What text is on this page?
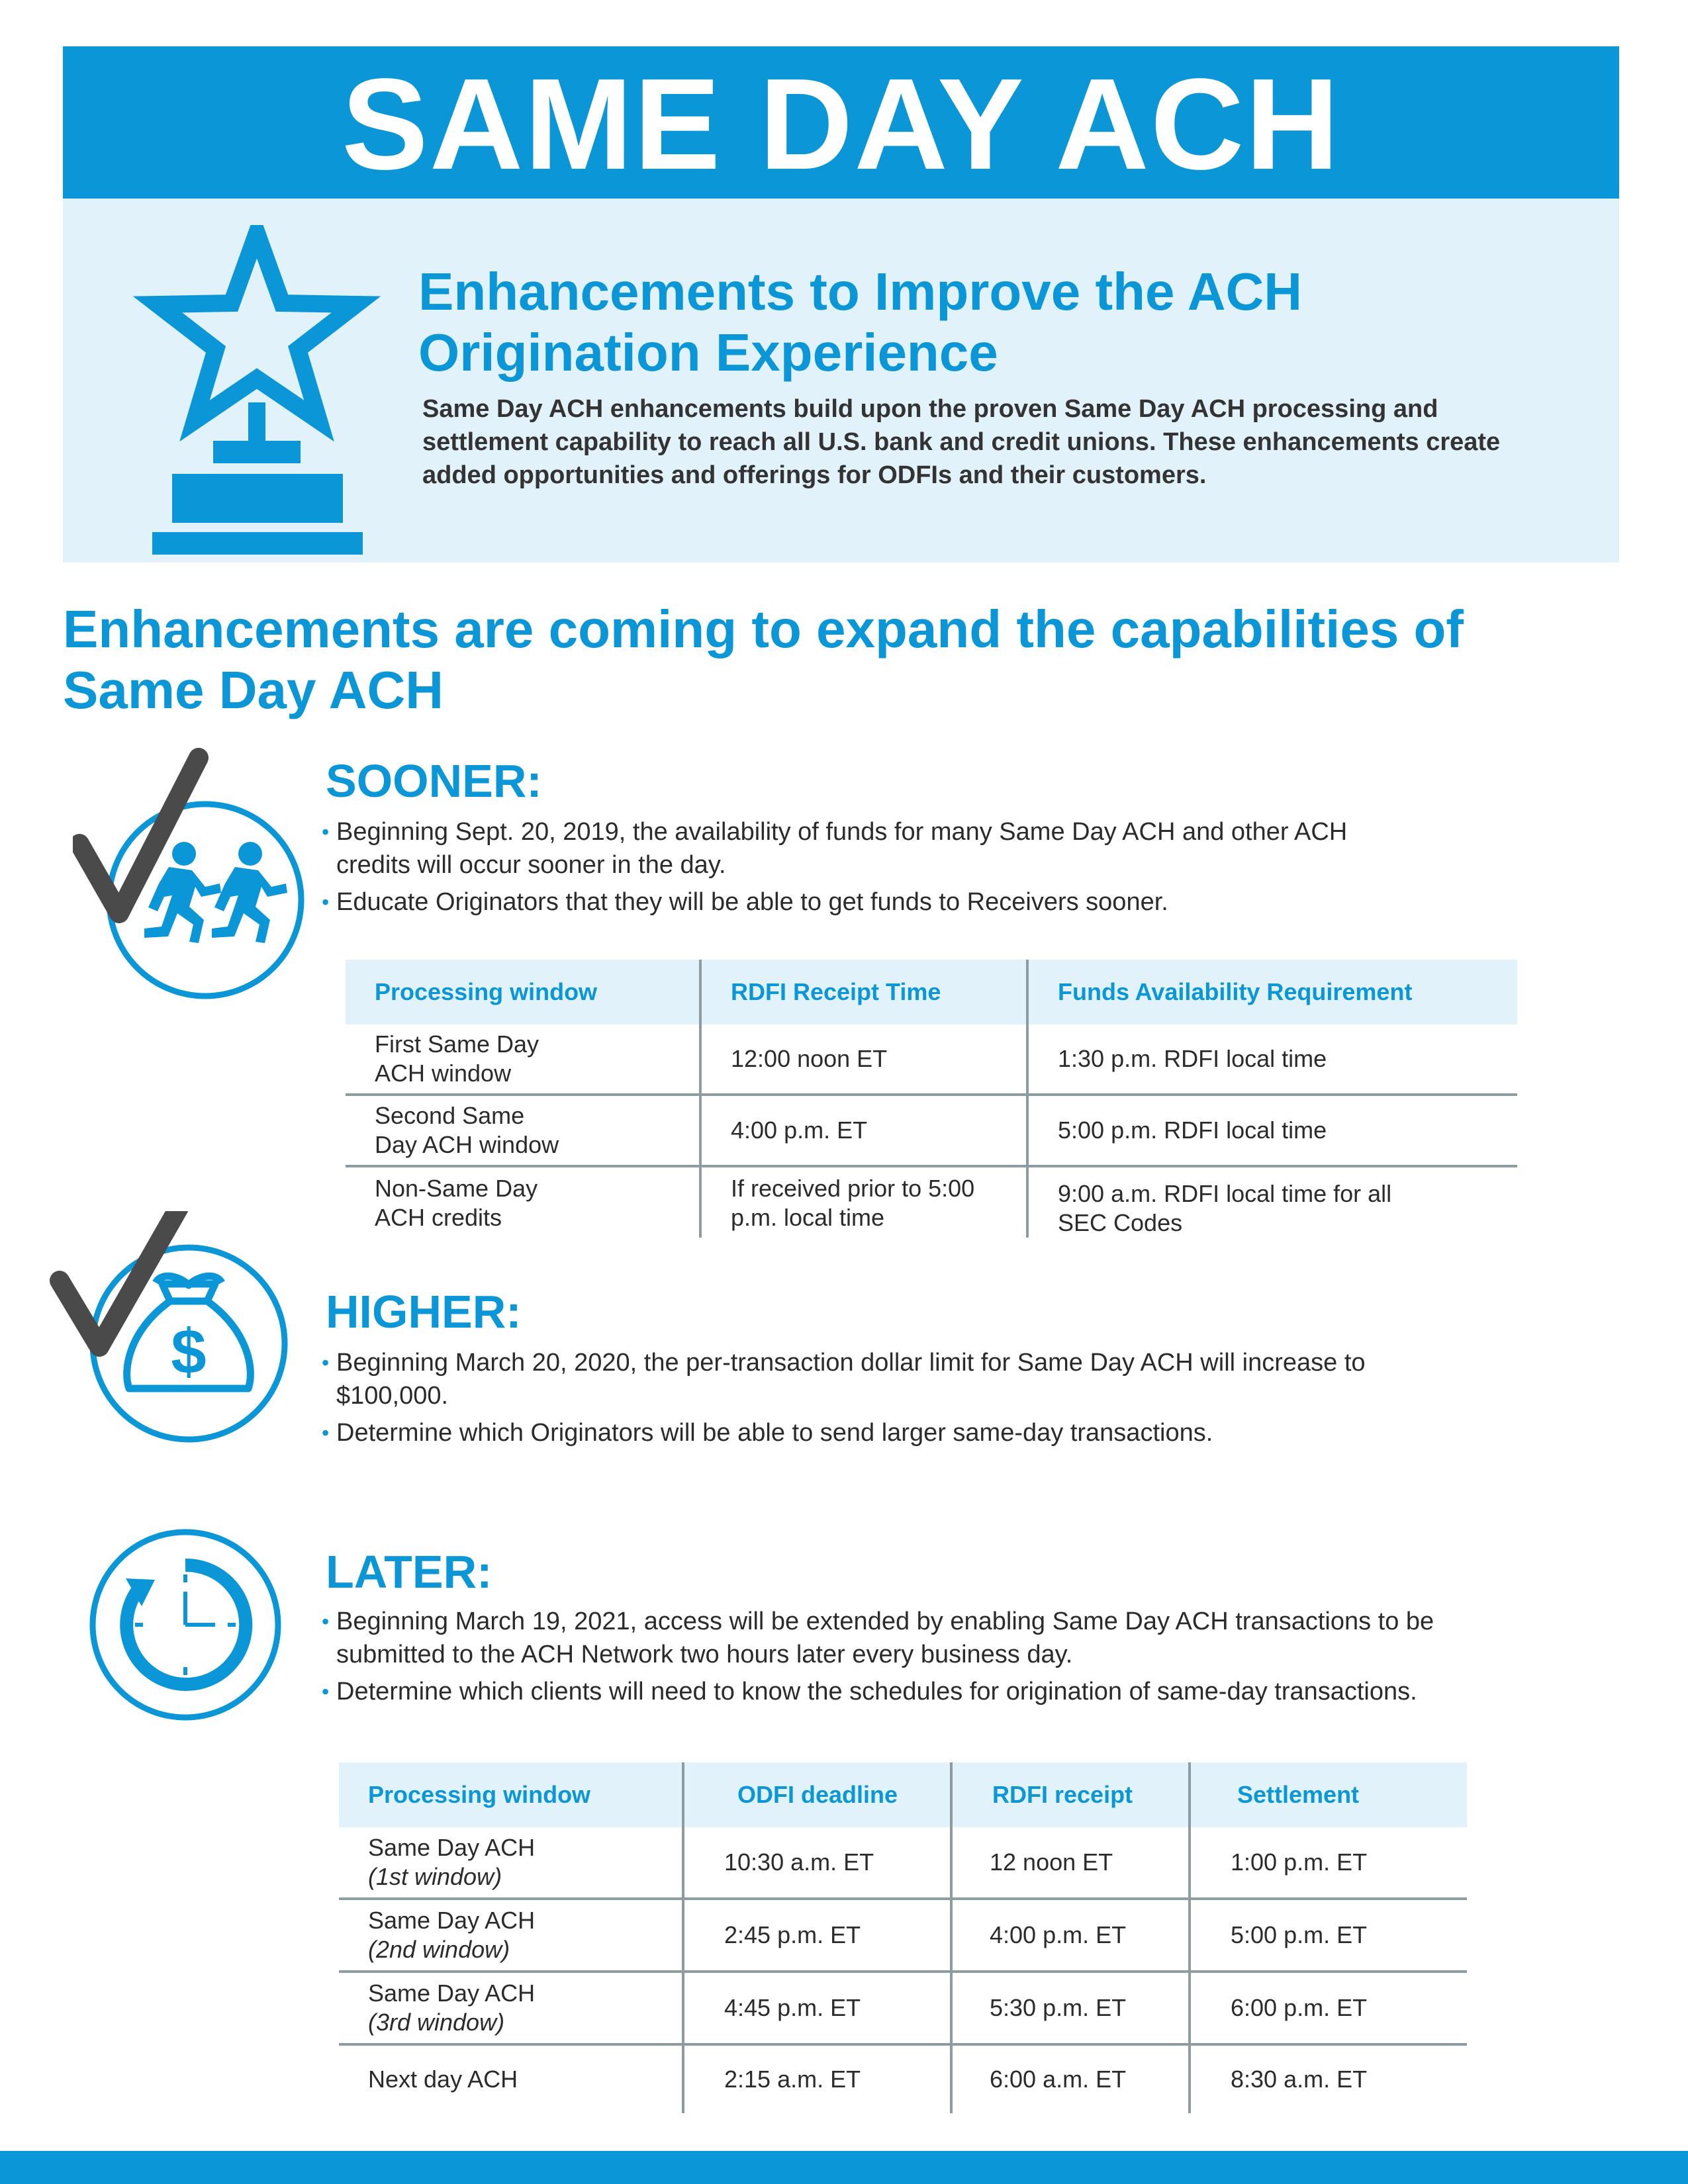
SAME DAY ACH
Enhancements to Improve the ACH Origination Experience

Same Day ACH enhancements build upon the proven Same Day ACH processing and settlement capability to reach all U.S. bank and credit unions. These enhancements create added opportunities and offerings for ODFIs and their customers.

Enhancements are coming to expand the capabilities of Same Day ACH
SOONER:
• Beginning Sept. 20, 2019, the availability of funds for many Same Day ACH and other ACH credits will occur sooner in the day.
• Educate Originators that they will be able to get funds to Receivers sooner.
Processing window	RDFI Receipt Time	Funds Availability Requirement
First Same Day ACH window	12:00 noon ET	1:30 p.m. RDFI local time
Second Same Day ACH window	4:00 p.m. ET	5:00 p.m. RDFI local time
Non-Same Day ACH credits	If received prior to 5:00 p.m. local time	9:00 a.m. RDFI local time for all SEC Codes
$
HIGHER:
• Beginning March 20, 2020, the per-transaction dollar limit for Same Day ACH will increase to $100,000.
• Determine which Originators will be able to send larger same-day transactions.
LATER:
• Beginning March 19, 2021, access will be extended by enabling Same Day ACH transactions to be submitted to the ACH Network two hours later every business day.
• Determine which clients will need to know the schedules for origination of same-day transactions.
Processing window	ODFI deadline	RDFI receipt	Settlement
Same Day ACH
(1st window)	10:30 a.m. ET	12 noon ET	1:00 p.m. ET
Same Day ACH
(2nd window)	2:45 p.m. ET	4:00 p.m. ET	5:00 p.m. ET
Same Day ACH
(3rd window)	4:45 p.m. ET	5:30 p.m. ET	6:00 p.m. ET
Next day ACH	2:15 a.m. ET	6:00 a.m. ET	8:30 a.m. ET
